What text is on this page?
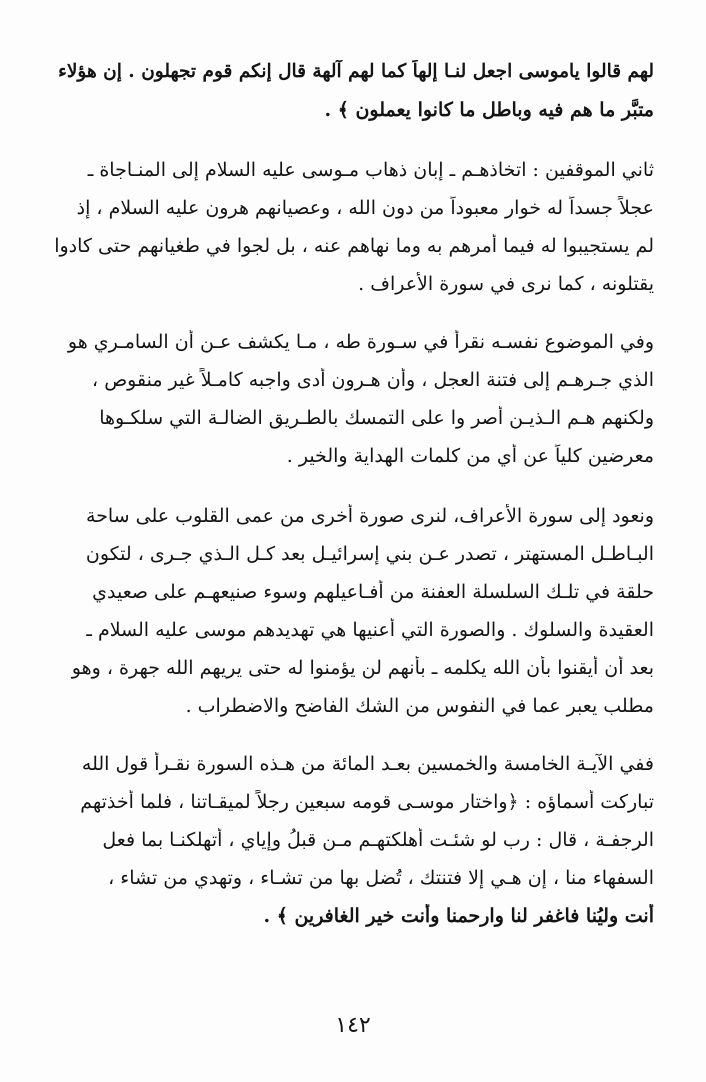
لهم قالوا ياموسى اجعل لنـا إلهاً كما لهم آلهة قال إنكم قوم تجهلون . إن هؤلاء
متبَّر ما هم فيه وباطل ما كانوا يعملون ﴾ .
ثاني الموقفين : اتخاذهـم ـ إبان ذهاب مـوسى عليه السلام إلى المنـاجاة ـ
عجلاً جسداً له خوار معبوداً من دون الله ، وعصيانهم هرون عليه السلام ، إذ
لم يستجيبوا له فيما أمرهم به وما نهاهم عنه ، بل لجوا في طغيانهم حتى كادوا
يقتلونه ، كما نرى في سورة الأعراف .
وفي الموضوع نفسـه نقرأ في سـورة طه ، مـا يكشف عـن أن السامـري هو
الذي جـرهـم إلى فتنة العجل ، وأن هـرون أدى واجبه كامـلاً غير منقوص ،
ولكنهم هـم الـذيـن أصر وا على التمسك بالطـريق الضالـة التي سلكـوها
معرضين كلياً عن أي من كلمات الهداية والخير .
ونعود إلى سورة الأعراف، لنرى صورة أخرى من عمى القلوب على ساحة
البـاطـل المستهتر ، تصدر عـن بني إسرائيـل بعد كـل الـذي جـرى ، لتكون
حلقة في تلـك السلسلة العفنة من أفـاعيلهم وسوء صنيعهـم على صعيدي
العقيدة والسلوك . والصورة التي أعنيها هي تهديدهم موسى عليه السلام ـ
بعد أن أيقنوا بأن الله يكلمه ـ بأنهم لن يؤمنوا له حتى يريهم الله جهرة ، وهو
مطلب يعبر عما في النفوس من الشك الفاضح والاضطراب .
ففي الآيـة الخامسة والخمسين بعـد المائة من هـذه السورة نقـرأ قول الله
تباركت أسماؤه : ﴿واختار موسـى قومه سبعين رجلاً لميقـاتنا ، فلما أخذتهم
الرجفـة ، قال : رب لو شئـت أهلكتهـم مـن قبلُ وإياي ، أتهلكنـا بما فعل
السفهاء منا ، إن هـي إلا فتنتك ، تُضل بها من تشـاء ، وتهدي من تشاء ،
أنت وليُنا فاغفر لنا وارحمنا وأنت خير الغافرين ﴾ .
١٤٢
